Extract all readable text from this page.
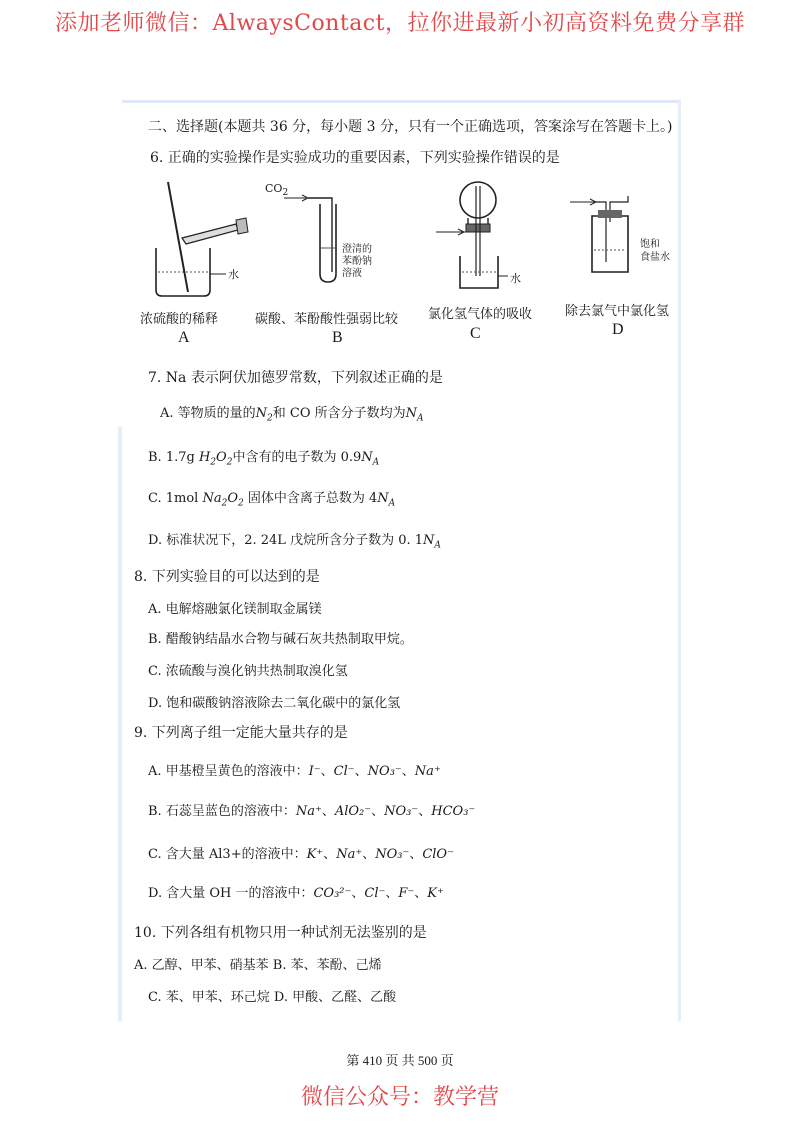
添加老师微信：AlwaysContact，拉你进最新小初高资料免费分享群
二、选择题(本题共 36 分，每小题 3 分，只有一个正确选项，答案涂写在答题卡上。)
6. 正确的实验操作是实验成功的重要因素，下列实验操作错误的是
水
浓硫酸的稀释
A
$CO_2$
澄清的
苯酚钠
溶液
碳酸、苯酚酸性强弱比较
B
水
氯化氢气体的吸收
C
饱和
食盐水
除去氯气中氯化氢
D
7. Na 表示阿伏加德罗常数，下列叙述正确的是
A. 等物质的量的$N_2$和 CO 所含分子数均为$N_A$
B. 1.7g $H_2O_2$中含有的电子数为 $0.9N_A$
C. 1mol $Na_2O_2$ 固体中含离子总数为 $4N_A$
D. 标准状况下，2. 24L 戊烷所含分子数为 0. $1N_A$
8. 下列实验目的可以达到的是
A. 电解熔融氯化镁制取金属镁
B. 醋酸钠结晶水合物与碱石灰共热制取甲烷。
C. 浓硫酸与溴化钠共热制取溴化氢
D. 饱和碳酸钠溶液除去二氧化碳中的氯化氢
9. 下列离子组一定能大量共存的是
A. 甲基橙呈黄色的溶液中：I⁻、Cl⁻、NO₃⁻、Na⁺
B. 石蕊呈蓝色的溶液中：Na⁺、AlO₂⁻、NO₃⁻、HCO₃⁻
C. 含大量 Al3+的溶液中：K⁺、Na⁺、NO₃⁻、ClO⁻
D. 含大量 OH 一的溶液中：CO₃²⁻、Cl⁻、F⁻、K⁺
10. 下列各组有机物只用一种试剂无法鉴别的是
A. 乙醇、甲苯、硝基苯 B. 苯、苯酚、己烯
C. 苯、甲苯、环己烷 D. 甲酸、乙醛、乙酸
第 410 页 共 500 页
微信公众号：教学营
